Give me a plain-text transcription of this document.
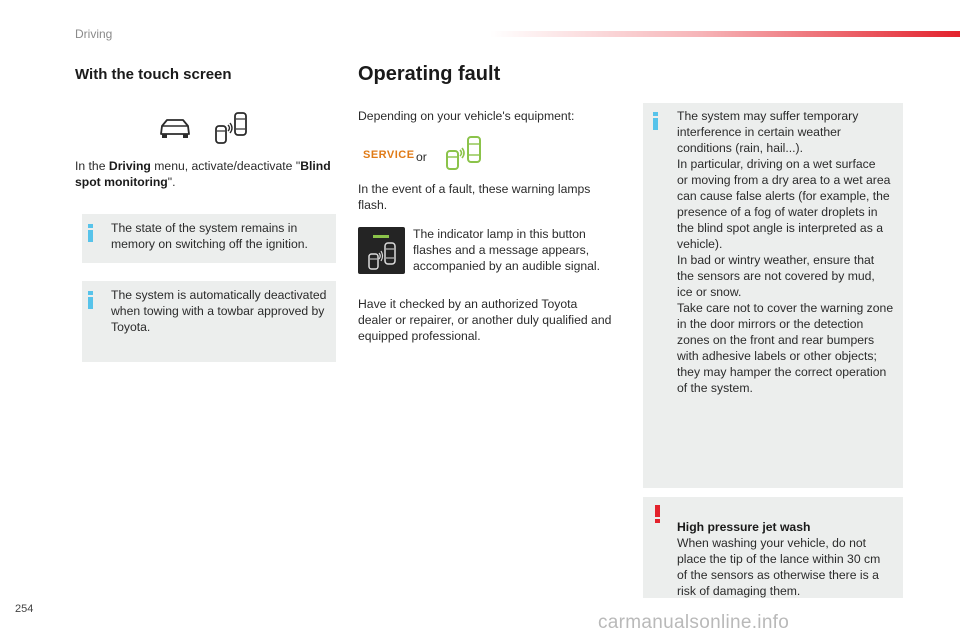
Driving
With the touch screen
In the Driving menu, activate/deactivate "Blind spot monitoring".
The state of the system remains in
memory on switching off the ignition.
The system is automatically deactivated
when towing with a towbar approved by
Toyota.
Operating fault
Depending on your vehicle's equipment:
SERVICE or
In the event of a fault, these warning lamps
flash.
The indicator lamp in this button
flashes and a message appears,
accompanied by an audible signal.
Have it checked by an authorized Toyota
dealer or repairer, or another duly qualified and
equipped professional.
The system may suffer temporary
interference in certain weather
conditions (rain, hail...).
In particular, driving on a wet surface
or moving from a dry area to a wet area
can cause false alerts (for example, the
presence of a fog of water droplets in
the blind spot angle is interpreted as a
vehicle).
In bad or wintry weather, ensure that
the sensors are not covered by mud,
ice or snow.
Take care not to cover the warning zone
in the door mirrors or the detection
zones on the front and rear bumpers
with adhesive labels or other objects;
they may hamper the correct operation
of the system.

High pressure jet wash
When washing your vehicle, do not
place the tip of the lance within 30 cm
of the sensors as otherwise there is a
risk of damaging them.

254
carmanualsonline.info
